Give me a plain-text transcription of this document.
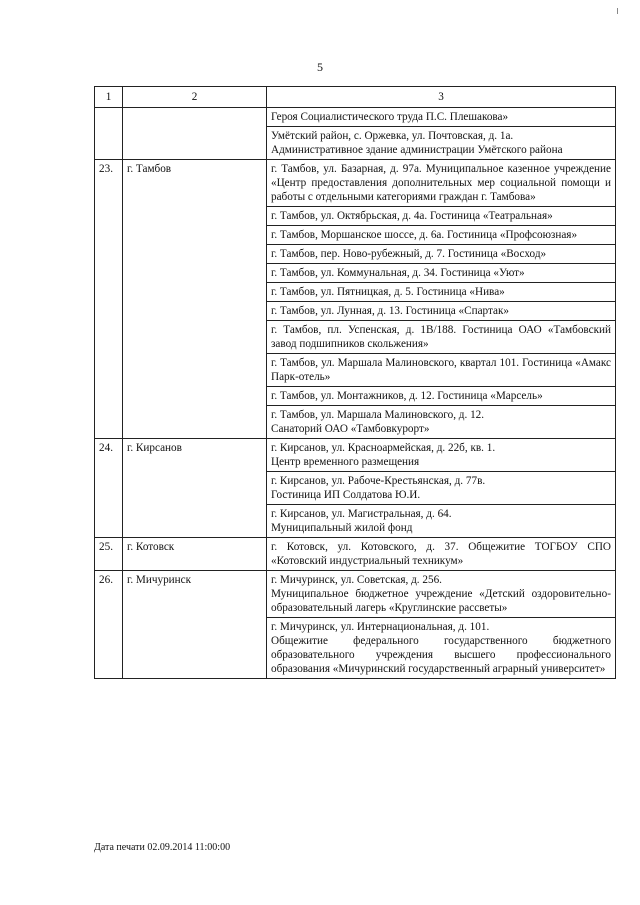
5
1	2	3

		Героя Социалистического труда П.С. Плешакова»

		Умётский район, с. Оржевка, ул. Почтовская, д. 1а.
Административное здание администрации Умётского района

23.	г. Тамбов	г. Тамбов, ул. Базарная, д. 97а. Муниципальное казенное учреждение «Центр предоставления дополнительных мер социальной помощи и работы с отдельными категориями граждан г. Тамбова»

		г. Тамбов, ул. Октябрьская, д. 4а. Гостиница «Театральная»

		г. Тамбов, Моршанское шоссе, д. 6а. Гостиница «Профсоюзная»

		г. Тамбов, пер. Ново-рубежный, д. 7. Гостиница «Восход»

		г. Тамбов, ул. Коммунальная, д. 34. Гостиница «Уют»

		г. Тамбов, ул. Пятницкая, д. 5. Гостиница «Нива»

		г. Тамбов, ул. Лунная, д. 13. Гостиница «Спартак»

		г. Тамбов, пл. Успенская, д. 1В/188. Гостиница ОАО «Тамбовский завод подшипников скольжения»

		г. Тамбов, ул. Маршала Малиновского, квартал 101. Гостиница «Амакс Парк-отель»

		г. Тамбов, ул. Монтажников, д. 12. Гостиница «Марсель»

		г. Тамбов, ул. Маршала Малиновского, д. 12.
Санаторий ОАО «Тамбовкурорт»

24.	г. Кирсанов	г. Кирсанов, ул. Красноармейская, д. 22б, кв. 1.
Центр временного размещения

		г. Кирсанов, ул. Рабоче-Крестьянская, д. 77в.
Гостиница ИП Солдатова Ю.И.

		г. Кирсанов, ул. Магистральная, д. 64.
Муниципальный жилой фонд

25.	г. Котовск	г. Котовск, ул. Котовского, д. 37. Общежитие ТОГБОУ СПО «Котовский индустриальный техникум»

26.	г. Мичуринск	г. Мичуринск, ул. Советская, д. 256.
Муниципальное бюджетное учреждение «Детский оздоровительно-образовательный лагерь «Круглинские рассветы»

		г. Мичуринск, ул. Интернациональная, д. 101.
Общежитие федерального государственного бюджетного образовательного учреждения высшего профессионального образования «Мичуринский государственный аграрный университет»
Дата печати 02.09.2014 11:00:00
